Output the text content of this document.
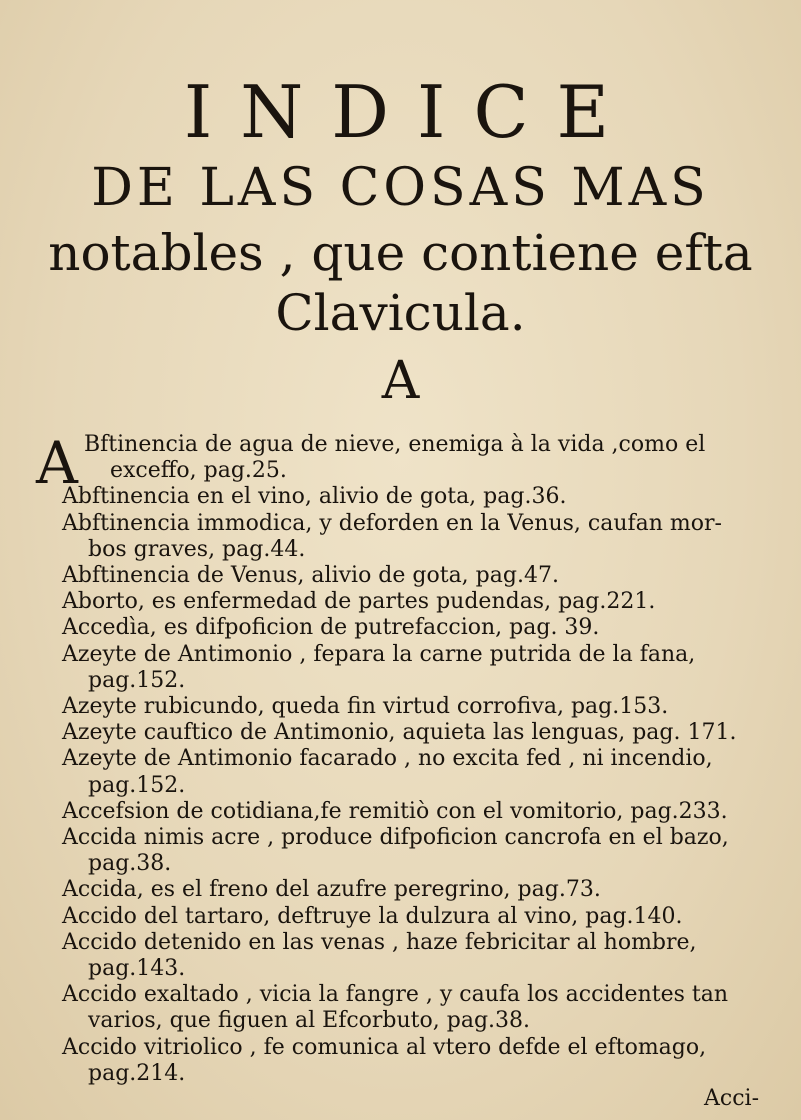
INDICE
DE LAS COSAS MAS
notables , que contiene efta
Clavicula.
A
A Bftinencia de agua de nieve, enemiga à la vida ,como el
exceffo, pag.25.

Abftinencia en el vino, alivio de gota, pag.36.

Abftinencia immodica, y deforden en la Venus, caufan mor-
bos graves, pag.44.

Abftinencia de Venus, alivio de gota, pag.47.

Aborto, es enfermedad de partes pudendas, pag.221.

Accedìa, es difpoficion de putrefaccion, pag. 39.

Azeyte de Antimonio , fepara la carne putrida de la fana,
pag.152.

Azeyte rubicundo, queda fin virtud corrofiva, pag.153.

Azeyte cauftico de Antimonio, aquieta las lenguas, pag. 171.

Azeyte de Antimonio facarado , no excita fed , ni incendio,
pag.152.

Accefsion de cotidiana,fe remitiò con el vomitorio, pag.233.

Accida nimis acre , produce difpoficion cancrofa en el bazo,
pag.38.

Accida, es el freno del azufre peregrino, pag.73.

Accido del tartaro, deftruye la dulzura al vino, pag.140.

Accido detenido en las venas , haze febricitar al hombre,
pag.143.

Accido exaltado , vicia la fangre , y caufa los accidentes tan
varios, que figuen al Efcorbuto, pag.38.

Accido vitriolico , fe comunica al vtero defde el eftomago,
pag.214.

Acci-
